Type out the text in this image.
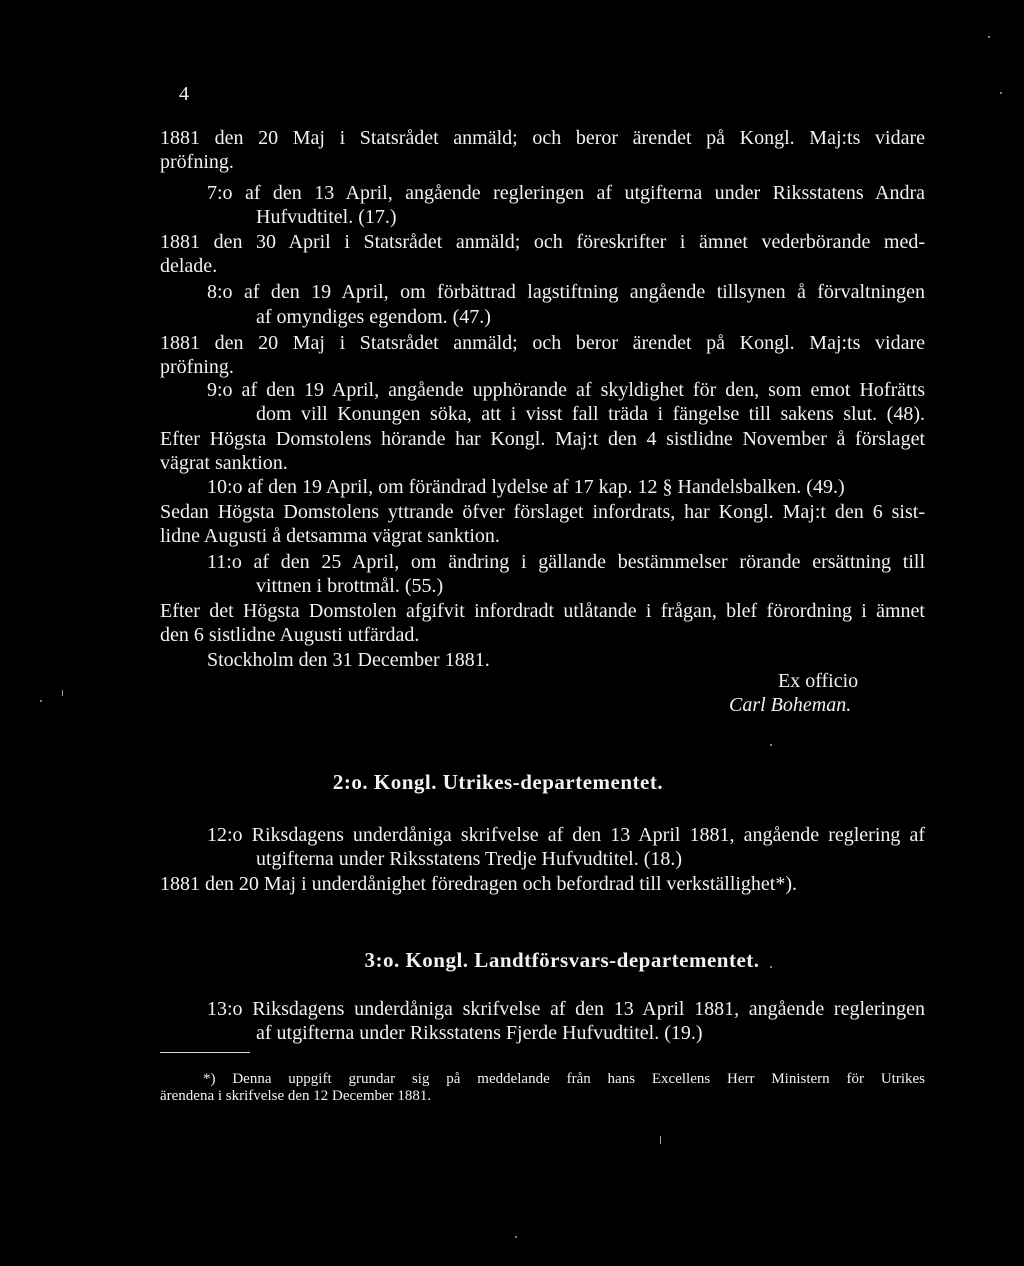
4
1881 den 20 Maj i Statsrådet anmäld; och beror ärendet på Kongl. Maj:ts vidare
pröfning.
7:o af den 13 April, angående regleringen af utgifterna under Riksstatens Andra
Hufvudtitel. (17.)
1881 den 30 April i Statsrådet anmäld; och föreskrifter i ämnet vederbörande med-
delade.
8:o af den 19 April, om förbättrad lagstiftning angående tillsynen å förvaltningen
af omyndiges egendom. (47.)
1881 den 20 Maj i Statsrådet anmäld; och beror ärendet på Kongl. Maj:ts vidare
pröfning.
9:o af den 19 April, angående upphörande af skyldighet för den, som emot Hofrätts
dom vill Konungen söka, att i visst fall träda i fängelse till sakens slut. (48).
Efter Högsta Domstolens hörande har Kongl. Maj:t den 4 sistlidne November å förslaget
vägrat sanktion.
10:o af den 19 April, om förändrad lydelse af 17 kap. 12 § Handelsbalken. (49.)
Sedan Högsta Domstolens yttrande öfver förslaget infordrats, har Kongl. Maj:t den 6 sist-
lidne Augusti å detsamma vägrat sanktion.
11:o af den 25 April, om ändring i gällande bestämmelser rörande ersättning till
vittnen i brottmål. (55.)
Efter det Högsta Domstolen afgifvit infordradt utlåtande i frågan, blef förordning i ämnet
den 6 sistlidne Augusti utfärdad.
Stockholm den 31 December 1881.
Ex officio
Carl Boheman.
2:o. Kongl. Utrikes-departementet.
12:o Riksdagens underdåniga skrifvelse af den 13 April 1881, angående reglering af
utgifterna under Riksstatens Tredje Hufvudtitel. (18.)
1881 den 20 Maj i underdånighet föredragen och befordrad till verkställighet*).
3:o. Kongl. Landtförsvars-departementet.
13:o Riksdagens underdåniga skrifvelse af den 13 April 1881, angående regleringen
af utgifterna under Riksstatens Fjerde Hufvudtitel. (19.)
*) Denna uppgift grundar sig på meddelande från hans Excellens Herr Ministern för Utrikes
ärendena i skrifvelse den 12 December 1881.
